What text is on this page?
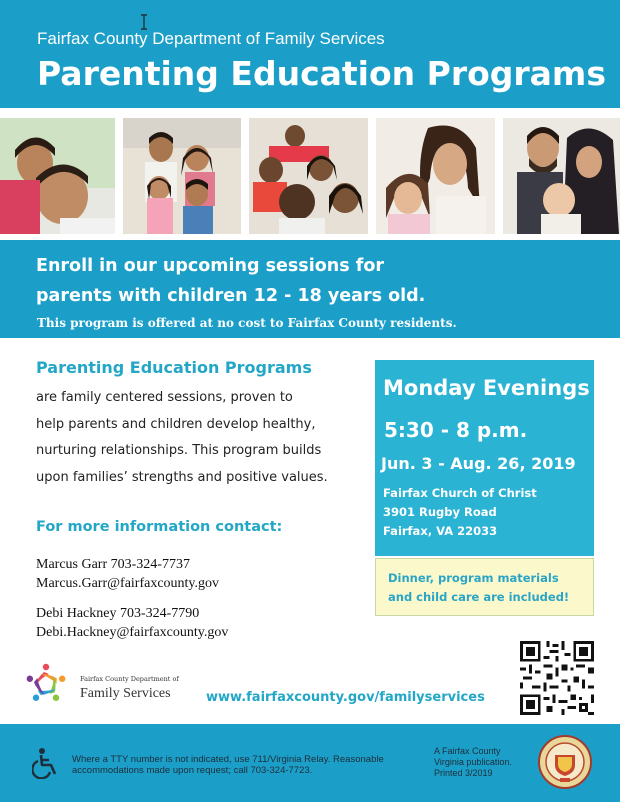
Fairfax County Department of Family Services
Parenting Education Programs
Enroll in our upcoming sessions for
parents with children 12 - 18 years old.
This program is offered at no cost to Fairfax County residents.
Parenting Education Programs
are family centered sessions, proven to
help parents and children develop healthy,
nurturing relationships. This program builds
upon families’ strengths and positive values.
For more information contact:
Marcus Garr 703-324-7737
Marcus.Garr@fairfaxcounty.gov
Debi Hackney 703-324-7790
Debi.Hackney@fairfaxcounty.gov
Monday Evenings
5:30 - 8 p.m.
Jun. 3 - Aug. 26, 2019
Fairfax Church of Christ
3901 Rugby Road
Fairfax, VA 22033
Dinner, program materials
and child care are included!
Fairfax County Department of
Family Services	www.fairfaxcounty.gov/familyservices
Where a TTY number is not indicated, use 711/Virginia Relay. Reasonable accommodations made upon request; call 703-324-7723.
A Fairfax County
Virginia publication.
Printed 3/2019
